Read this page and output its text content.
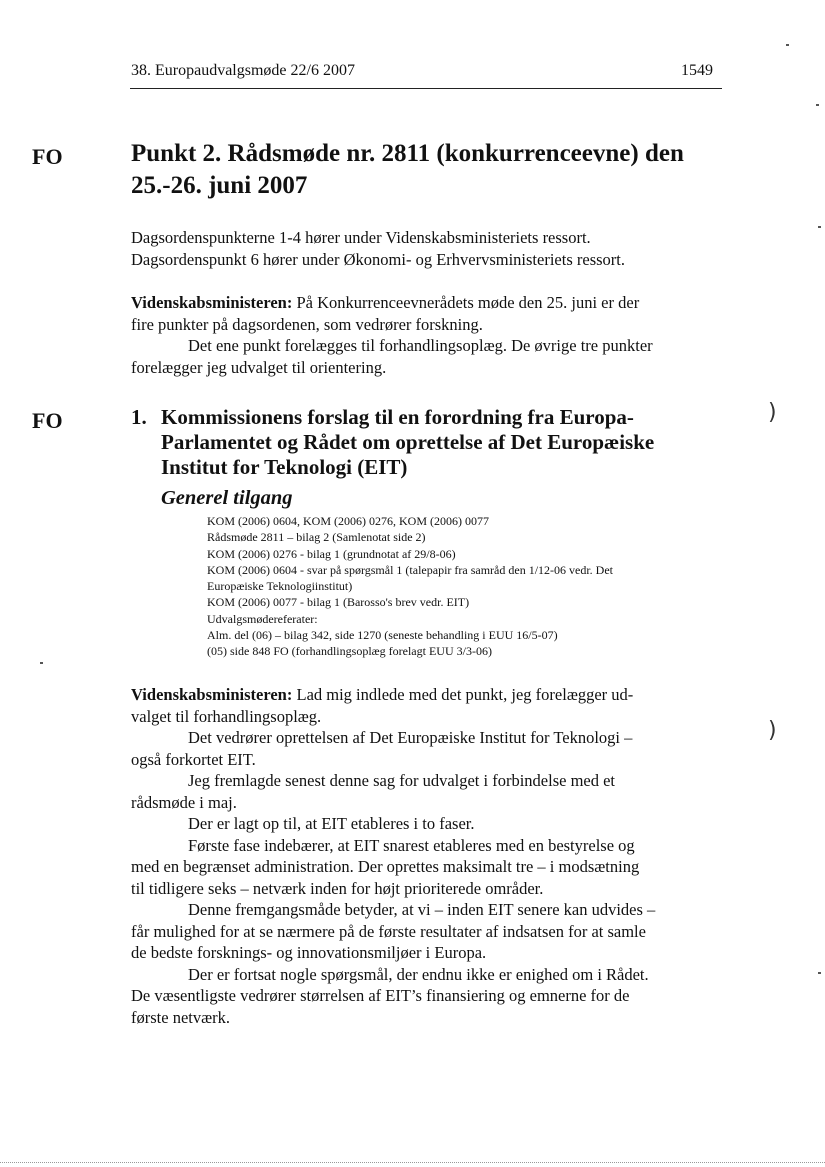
38. Europaudvalgsmøde 22/6 2007	1549
FO
FO
Punkt 2. Rådsmøde nr. 2811 (konkurrenceevne) den
25.-26. juni 2007
Dagsordenspunkterne 1-4 hører under Videnskabsministeriets ressort.
Dagsordenspunkt 6 hører under Økonomi- og Erhvervsministeriets ressort.
Videnskabsministeren: På Konkurrenceevnerådets møde den 25. juni er der
fire punkter på dagsordenen, som vedrører forskning.
Det ene punkt forelægges til forhandlingsoplæg. De øvrige tre punkter
forelægger jeg udvalget til orientering.
1. Kommissionens forslag til en forordning fra Europa-
Parlamentet og Rådet om oprettelse af Det Europæiske
Institut for Teknologi (EIT)
Generel tilgang
KOM (2006) 0604, KOM (2006) 0276, KOM (2006) 0077
Rådsmøde 2811 – bilag 2 (Samlenotat side 2)
KOM (2006) 0276 - bilag 1 (grundnotat af 29/8-06)
KOM (2006) 0604 - svar på spørgsmål 1 (talepapir fra samråd den 1/12-06 vedr. Det
Europæiske Teknologiinstitut)
KOM (2006) 0077 - bilag 1 (Barosso's brev vedr. EIT)
Udvalgsmødereferater:
Alm. del (06) – bilag 342, side 1270 (seneste behandling i EUU 16/5-07)
(05) side 848 FO (forhandlingsoplæg forelagt EUU 3/3-06)
Videnskabsministeren: Lad mig indlede med det punkt, jeg forelægger ud-
valget til forhandlingsoplæg.
Det vedrører oprettelsen af Det Europæiske Institut for Teknologi –
også forkortet EIT.
Jeg fremlagde senest denne sag for udvalget i forbindelse med et
rådsmøde i maj.
Der er lagt op til, at EIT etableres i to faser.
Første fase indebærer, at EIT snarest etableres med en bestyrelse og
med en begrænset administration. Der oprettes maksimalt tre – i modsætning
til tidligere seks – netværk inden for højt prioriterede områder.
Denne fremgangsmåde betyder, at vi – inden EIT senere kan udvides –
får mulighed for at se nærmere på de første resultater af indsatsen for at samle
de bedste forsknings- og innovationsmiljøer i Europa.
Der er fortsat nogle spørgsmål, der endnu ikke er enighed om i Rådet.
De væsentligste vedrører størrelsen af EIT’s finansiering og emnerne for de
første netværk.
)
)
